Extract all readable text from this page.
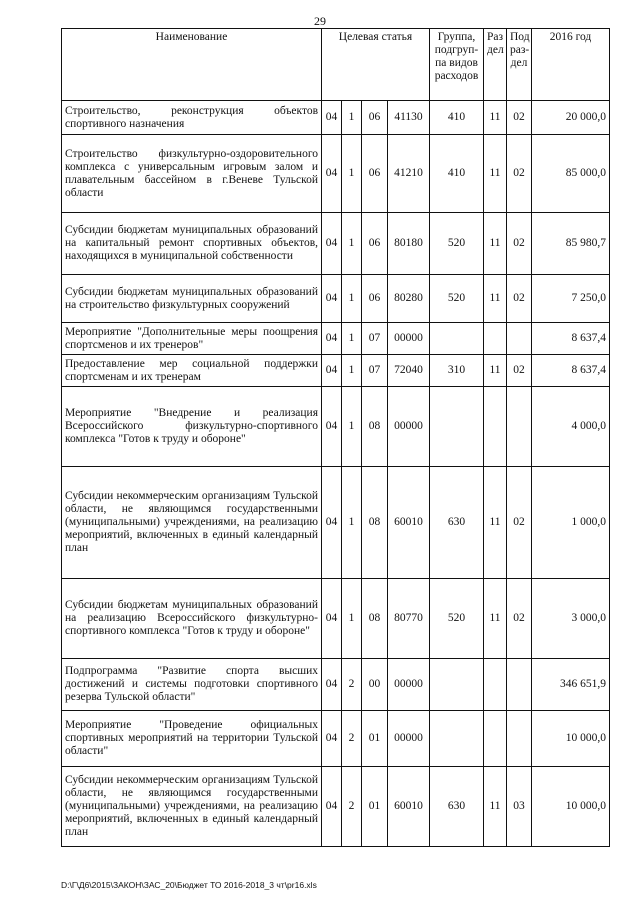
29
Наименование	Целевая статья				Группа, подгруп-па видов расходов	Раз дел	Под раз-дел	2016 год
Строительство, реконструкция объектов спортивного назначения	04	1	06	41130	410	11	02	20 000,0
Строительство физкультурно-оздоровительного комплекса с универсальным игровым залом и плавательным бассейном в г.Веневе Тульской области	04	1	06	41210	410	11	02	85 000,0
Субсидии бюджетам муниципальных образований на капитальный ремонт спортивных объектов, находящихся в муниципальной собственности	04	1	06	80180	520	11	02	85 980,7
Субсидии бюджетам муниципальных образований на строительство физкультурных сооружений	04	1	06	80280	520	11	02	7 250,0
Мероприятие "Дополнительные меры поощрения спортсменов и их тренеров"	04	1	07	00000				8 637,4
Предоставление мер социальной поддержки спортсменам и их тренерам	04	1	07	72040	310	11	02	8 637,4
Мероприятие "Внедрение и реализация Всероссийского физкультурно-спортивного комплекса "Готов к труду и обороне"	04	1	08	00000				4 000,0
Субсидии некоммерческим организациям Тульской области, не являющимся государственными (муниципальными) учреждениями, на реализацию мероприятий, включенных в единый календарный план	04	1	08	60010	630	11	02	1 000,0
Субсидии бюджетам муниципальных образований на реализацию Всероссийского физкультурно-спортивного комплекса "Готов к труду и обороне"	04	1	08	80770	520	11	02	3 000,0
Подпрограмма "Развитие спорта высших достижений и системы подготовки спортивного резерва Тульской области"	04	2	00	00000				346 651,9
Мероприятие "Проведение официальных спортивных мероприятий на территории Тульской области"	04	2	01	00000				10 000,0
Субсидии некоммерческим организациям Тульской области, не являющимся государственными (муниципальными) учреждениями, на реализацию мероприятий, включенных в единый календарный план	04	2	01	60010	630	11	03	10 000,0
D:\Г\Д6\2015\ЗАКОН\ЗАС_20\Бюджет ТО 2016-2018_3 чт\pr16.xls
